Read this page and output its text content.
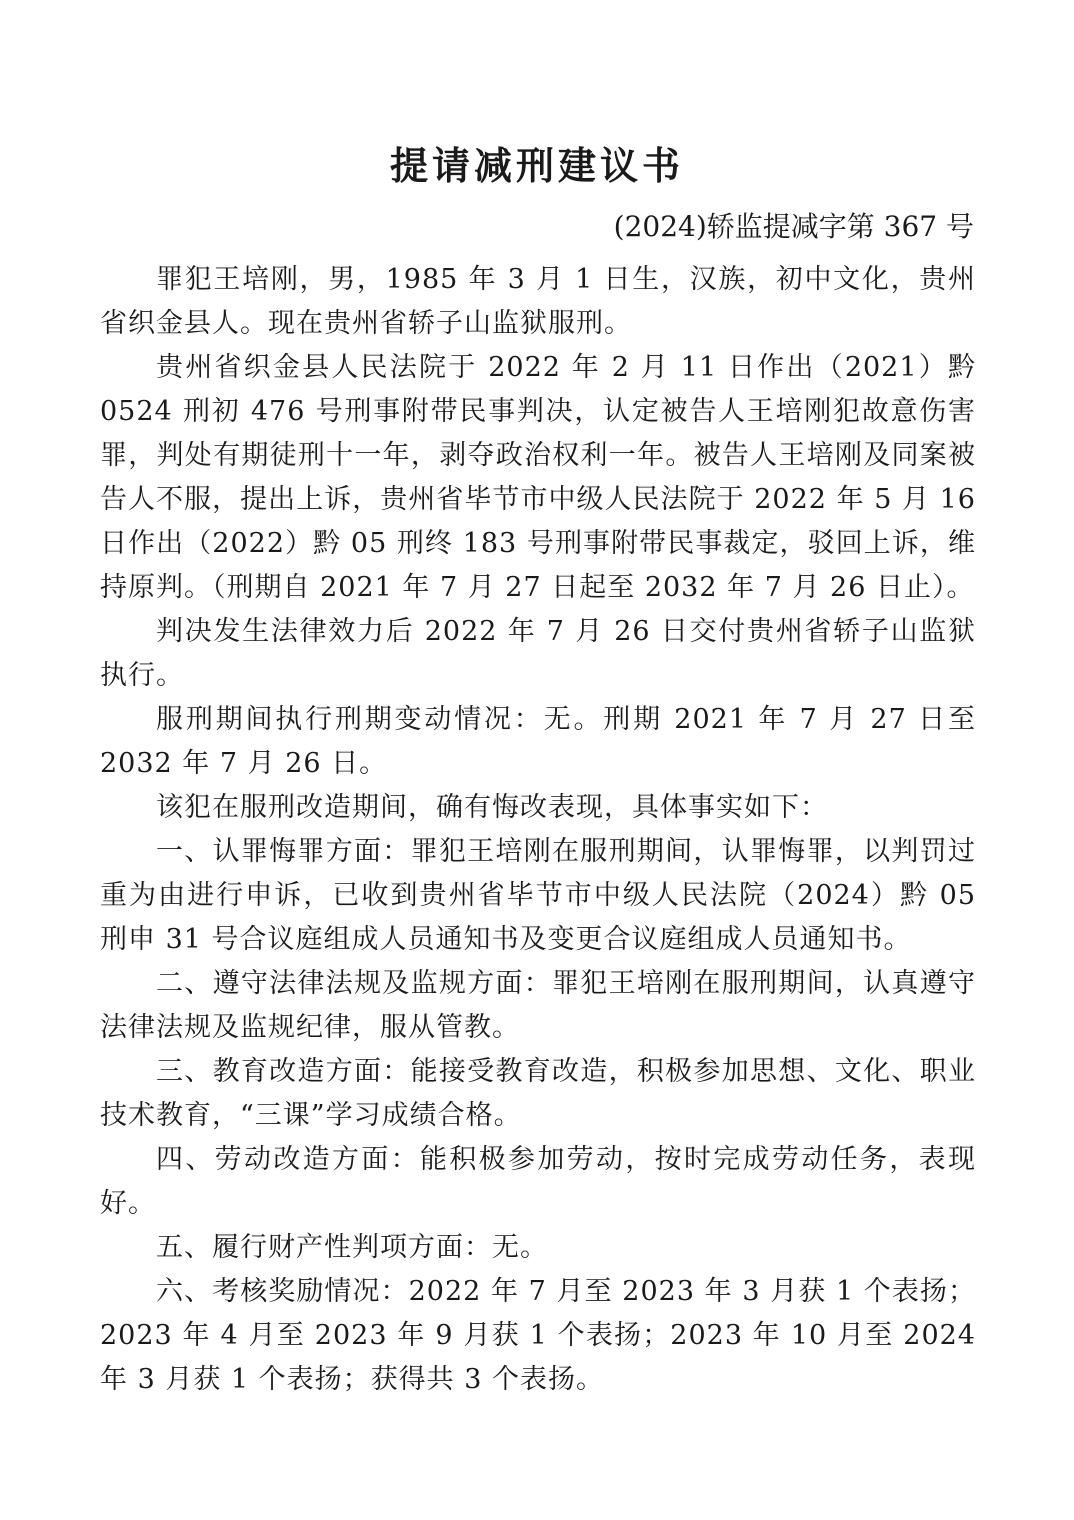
提请减刑建议书
(2024)轿监提减字第 367 号

罪犯王培刚，男，1985 年 3 月 1 日生，汉族，初中文化，贵州省织金县人。现在贵州省轿子山监狱服刑。

贵州省织金县人民法院于 2022 年 2 月 11 日作出（2021）黔 0524 刑初 476 号刑事附带民事判决，认定被告人王培刚犯故意伤害罪，判处有期徒刑十一年，剥夺政治权利一年。被告人王培刚及同案被告人不服，提出上诉，贵州省毕节市中级人民法院于 2022 年 5 月 16 日作出（2022）黔 05 刑终 183 号刑事附带民事裁定，驳回上诉，维持原判。（刑期自 2021 年 7 月 27 日起至 2032 年 7 月 26 日止）。

判决发生法律效力后 2022 年 7 月 26 日交付贵州省轿子山监狱执行。

服刑期间执行刑期变动情况：无。刑期 2021 年 7 月 27 日至 2032 年 7 月 26 日。

该犯在服刑改造期间，确有悔改表现，具体事实如下：

一、认罪悔罪方面：罪犯王培刚在服刑期间，认罪悔罪，以判罚过重为由进行申诉，已收到贵州省毕节市中级人民法院（2024）黔 05 刑申 31 号合议庭组成人员通知书及变更合议庭组成人员通知书。

二、遵守法律法规及监规方面：罪犯王培刚在服刑期间，认真遵守法律法规及监规纪律，服从管教。

三、教育改造方面：能接受教育改造，积极参加思想、文化、职业技术教育，“三课”学习成绩合格。

四、劳动改造方面：能积极参加劳动，按时完成劳动任务，表现好。

五、履行财产性判项方面：无。

六、考核奖励情况：2022 年 7 月至 2023 年 3 月获 1 个表扬；2023 年 4 月至 2023 年 9 月获 1 个表扬；2023 年 10 月至 2024 年 3 月获 1 个表扬；获得共 3 个表扬。
